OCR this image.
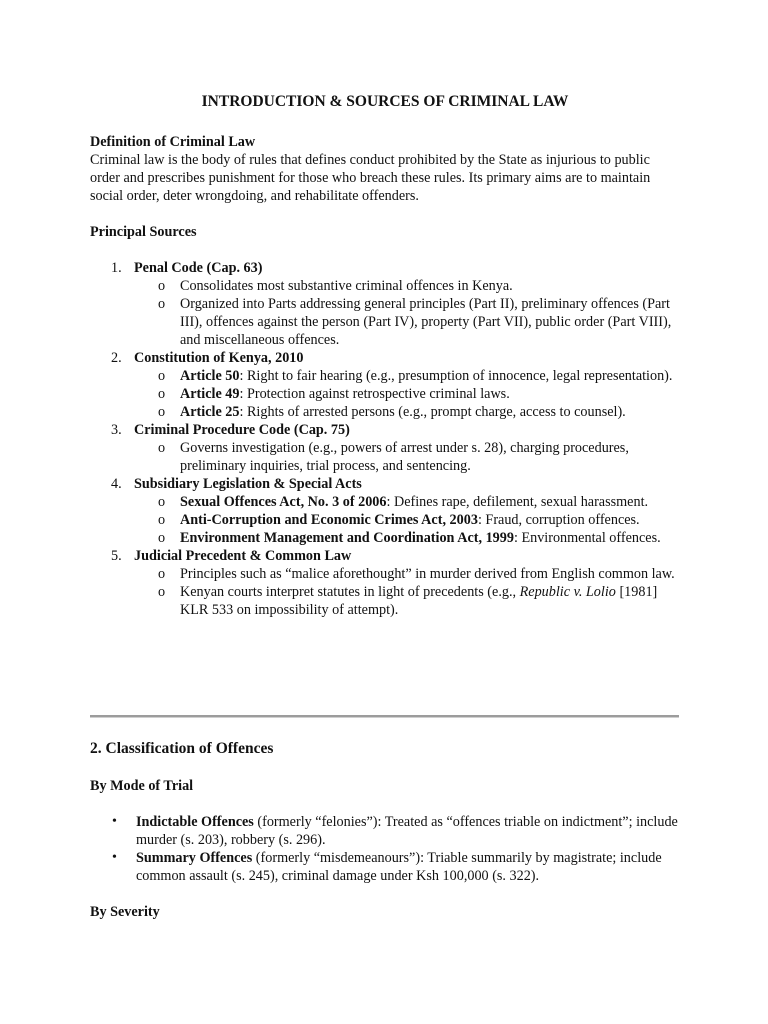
INTRODUCTION & SOURCES OF CRIMINAL LAW

Definition of Criminal Law

Criminal law is the body of rules that defines conduct prohibited by the State as injurious to public order and prescribes punishment for those who breach these rules. Its primary aims are to maintain social order, deter wrongdoing, and rehabilitate offenders.

Principal Sources

1. Penal Code (Cap. 63)
o Consolidates most substantive criminal offences in Kenya.
o Organized into Parts addressing general principles (Part II), preliminary offences (Part III), offences against the person (Part IV), property (Part VII), public order (Part VIII), and miscellaneous offences.
2. Constitution of Kenya, 2010
o Article 50: Right to fair hearing (e.g., presumption of innocence, legal representation).
o Article 49: Protection against retrospective criminal laws.
o Article 25: Rights of arrested persons (e.g., prompt charge, access to counsel).
3. Criminal Procedure Code (Cap. 75)
o Governs investigation (e.g., powers of arrest under s. 28), charging procedures, preliminary inquiries, trial process, and sentencing.
4. Subsidiary Legislation & Special Acts
o Sexual Offences Act, No. 3 of 2006: Defines rape, defilement, sexual harassment.
o Anti-Corruption and Economic Crimes Act, 2003: Fraud, corruption offences.
o Environment Management and Coordination Act, 1999: Environmental offences.
5. Judicial Precedent & Common Law
o Principles such as “malice aforethought” in murder derived from English common law.
o Kenyan courts interpret statutes in light of precedents (e.g., Republic v. Lolio [1981] KLR 533 on impossibility of attempt).
2. Classification of Offences

By Mode of Trial

• Indictable Offences (formerly “felonies”): Treated as “offences triable on indictment”; include murder (s. 203), robbery (s. 296).
• Summary Offences (formerly “misdemeanours”): Triable summarily by magistrate; include common assault (s. 245), criminal damage under Ksh 100,000 (s. 322).

By Severity
